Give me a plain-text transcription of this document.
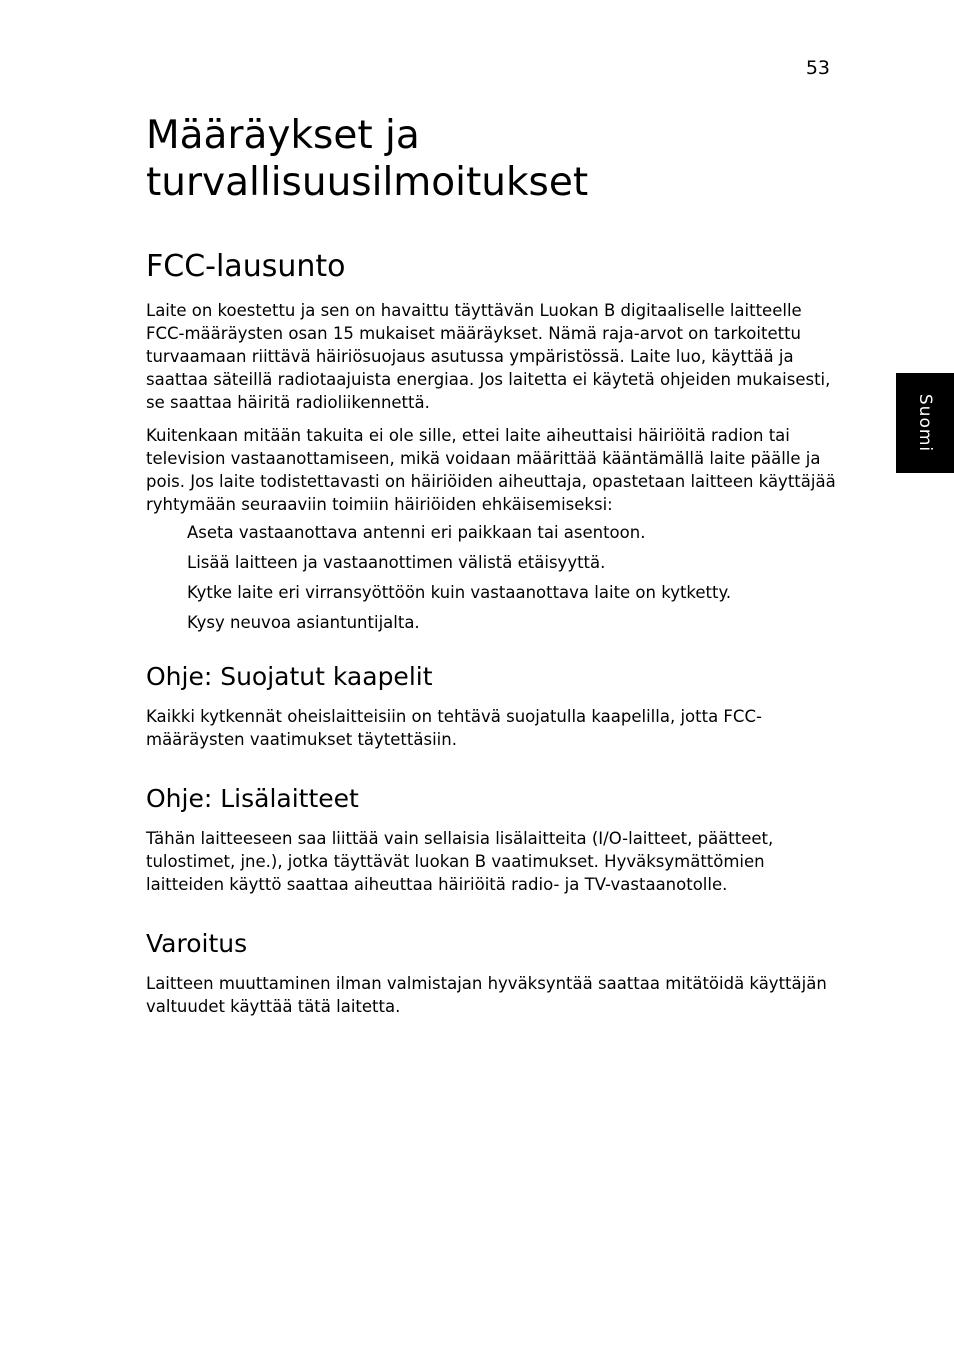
53
Suomi
Määräykset ja
turvallisuusilmoitukset
FCC-lausunto

Laite on koestettu ja sen on havaittu täyttävän Luokan B digitaaliselle laitteelle FCC-määräysten osan 15 mukaiset määräykset. Nämä raja-arvot on tarkoitettu turvaamaan riittävä häiriösuojaus asutussa ympäristössä. Laite luo, käyttää ja saattaa säteillä radiotaajuista energiaa. Jos laitetta ei käytetä ohjeiden mukaisesti, se saattaa häiritä radioliikennettä.

Kuitenkaan mitään takuita ei ole sille, ettei laite aiheuttaisi häiriöitä radion tai television vastaanottamiseen, mikä voidaan määrittää kääntämällä laite päälle ja pois. Jos laite todistettavasti on häiriöiden aiheuttaja, opastetaan laitteen käyttäjää ryhtymään seuraaviin toimiin häiriöiden ehkäisemiseksi:

Aseta vastaanottava antenni eri paikkaan tai asentoon.
Lisää laitteen ja vastaanottimen välistä etäisyyttä.
Kytke laite eri virransyöttöön kuin vastaanottava laite on kytketty.
Kysy neuvoa asiantuntijalta.
Ohje: Suojatut kaapelit

Kaikki kytkennät oheislaitteisiin on tehtävä suojatulla kaapelilla, jotta FCC-määräysten vaatimukset täytettäsiin.

Ohje: Lisälaitteet

Tähän laitteeseen saa liittää vain sellaisia lisälaitteita (I/O-laitteet, päätteet, tulostimet, jne.), jotka täyttävät luokan B vaatimukset. Hyväksymättömien laitteiden käyttö saattaa aiheuttaa häiriöitä radio- ja TV-vastaanotolle.

Varoitus

Laitteen muuttaminen ilman valmistajan hyväksyntää saattaa mitätöidä käyttäjän valtuudet käyttää tätä laitetta.
